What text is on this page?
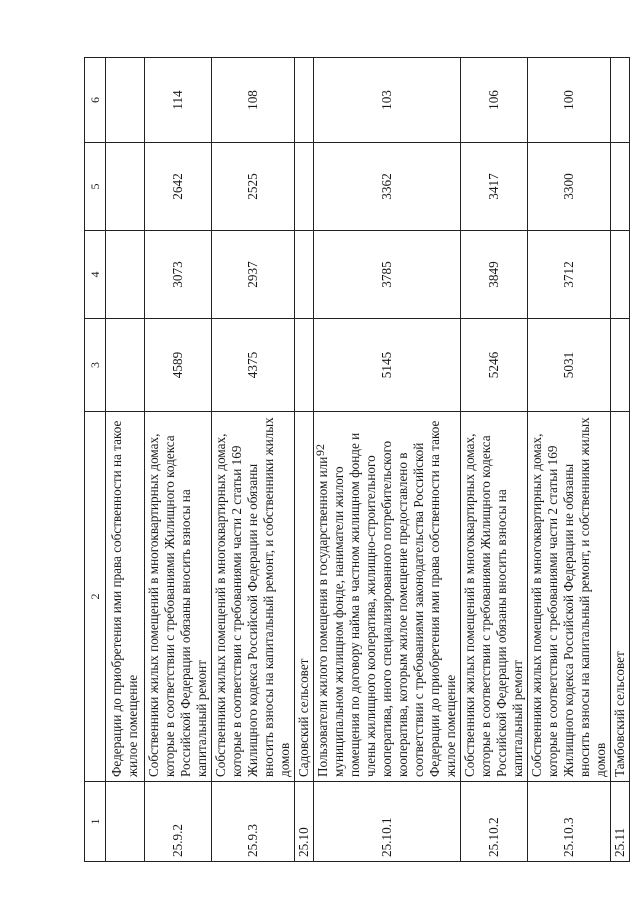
92
1	2	3	4	5	6
	Федерации до приобретения ими права собственности на такое жилое помещение				
25.9.2	Собственники жилых помещений в многоквартирных домах, которые в соответствии с требованиями Жилищного кодекса Российской Федерации обязаны вносить взносы на капитальный ремонт	4589	3073	2642	114
25.9.3	Собственники жилых помещений в многоквартирных домах, которые в соответствии с требованиями части 2 статьи 169 Жилищного кодекса Российской Федерации не обязаны вносить взносы на капитальный ремонт, и собственники жилых домов	4375	2937	2525	108
25.10	Садовский сельсовет				
25.10.1	Пользователи жилого помещения в государственном или муниципальном жилищном фонде, наниматели жилого помещения по договору найма в частном жилищном фонде и члены жилищного кооператива, жилищно-строительного кооператива, иного специализированного потребительского кооператива, которым жилое помещение предоставлено в соответствии с требованиями законодательства Российской Федерации до приобретения ими права собственности на такое жилое помещение	5145	3785	3362	103
25.10.2	Собственники жилых помещений в многоквартирных домах, которые в соответствии с требованиями Жилищного кодекса Российской Федерации обязаны вносить взносы на капитальный ремонт	5246	3849	3417	106
25.10.3	Собственники жилых помещений в многоквартирных домах, которые в соответствии с требованиями части 2 статьи 169 Жилищного кодекса Российской Федерации не обязаны вносить взносы на капитальный ремонт, и собственники жилых домов	5031	3712	3300	100
25.11	Тамбовский сельсовет				
